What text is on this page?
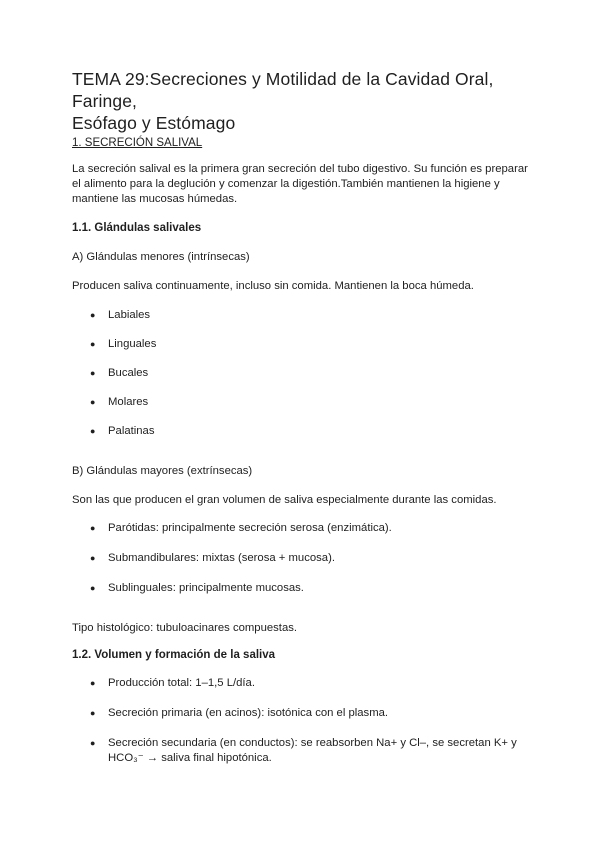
TEMA 29:Secreciones y Motilidad de la Cavidad Oral, Faringe,
Esófago y Estómago
1. SECRECIÓN SALIVAL

La secreción salival es la primera gran secreción del tubo digestivo. Su función es preparar el alimento para la deglución y comenzar la digestión.También mantienen la higiene y mantiene las mucosas húmedas.

1.1. Glándulas salivales

A) Glándulas menores (intrínsecas)

Producen saliva continuamente, incluso sin comida. Mantienen la boca húmeda.

● Labiales
● Linguales
● Bucales
● Molares
● Palatinas

B) Glándulas mayores (extrínsecas)

Son las que producen el gran volumen de saliva especialmente durante las comidas.

● Parótidas: principalmente secreción serosa (enzimática).
● Submandibulares: mixtas (serosa + mucosa).
● Sublinguales: principalmente mucosas.

Tipo histológico: tubuloacinares compuestas.

1.2. Volumen y formación de la saliva
● Producción total: 1–1,5 L/día.
● Secreción primaria (en acinos): isotónica con el plasma.
● Secreción secundaria (en conductos): se reabsorben Na+ y Cl–, se secretan K+ y HCO₃⁻ → saliva final hipotónica.
